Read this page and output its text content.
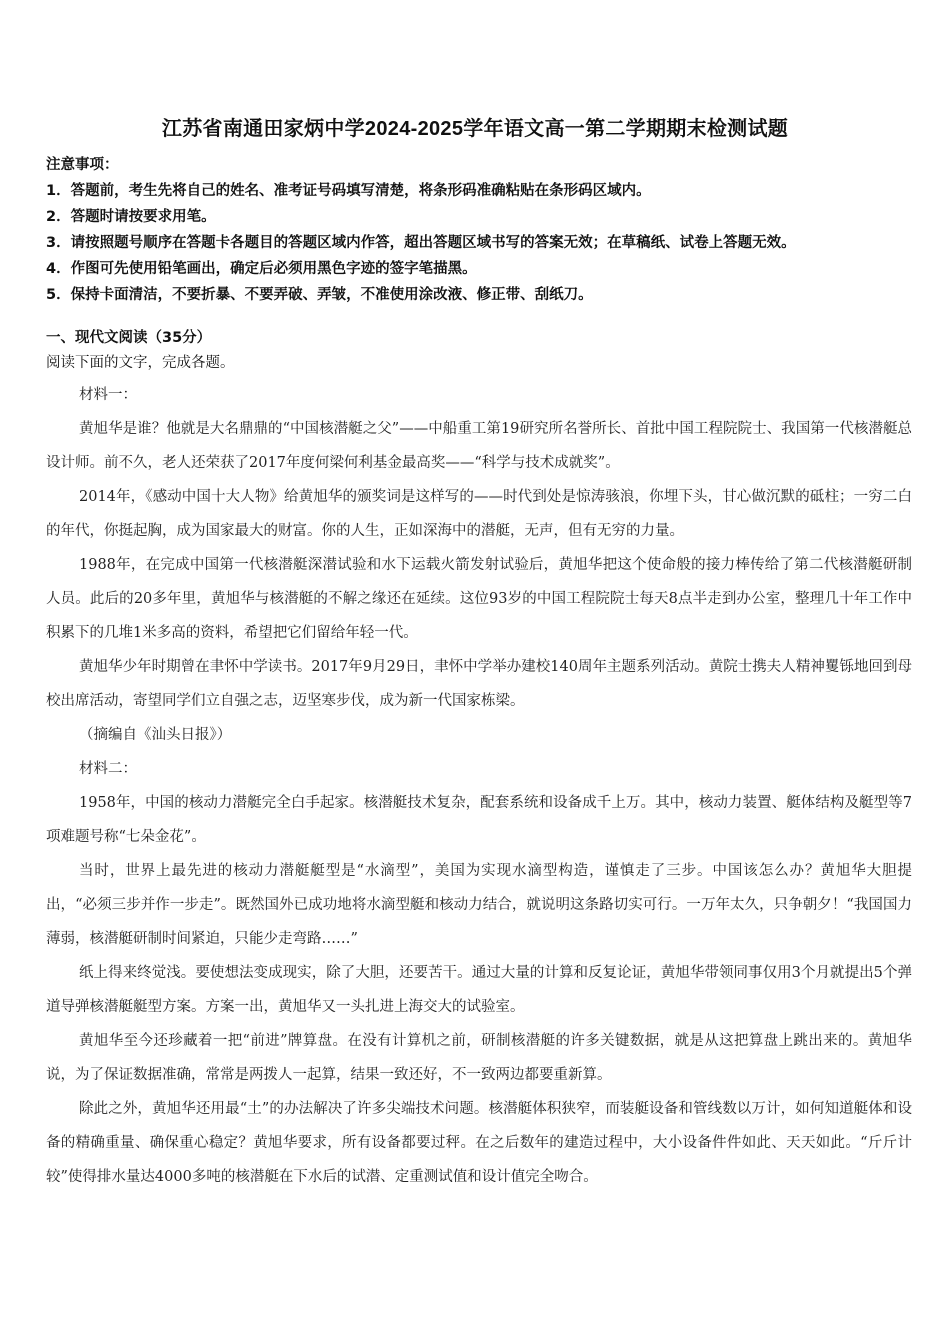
江苏省南通田家炳中学2024-2025学年语文高一第二学期期末检测试题
注意事项：
1．答题前，考生先将自己的姓名、准考证号码填写清楚，将条形码准确粘贴在条形码区域内。
2．答题时请按要求用笔。
3．请按照题号顺序在答题卡各题目的答题区域内作答，超出答题区域书写的答案无效；在草稿纸、试卷上答题无效。
4．作图可先使用铅笔画出，确定后必须用黑色字迹的签字笔描黑。
5．保持卡面清洁，不要折暴、不要弄破、弄皱，不准使用涂改液、修正带、刮纸刀。
一、现代文阅读（35分）
阅读下面的文字，完成各题。

材料一：

黄旭华是谁？他就是大名鼎鼎的“中国核潜艇之父”——中船重工第19研究所名誉所长、首批中国工程院院士、我国第一代核潜艇总设计师。前不久，老人还荣获了2017年度何梁何利基金最高奖——“科学与技术成就奖”。

2014年，《感动中国十大人物》给黄旭华的颁奖词是这样写的——时代到处是惊涛骇浪，你埋下头，甘心做沉默的砥柱；一穷二白的年代，你挺起胸，成为国家最大的财富。你的人生，正如深海中的潜艇，无声，但有无穷的力量。

1988年，在完成中国第一代核潜艇深潜试验和水下运载火箭发射试验后，黄旭华把这个使命般的接力棒传给了第二代核潜艇研制人员。此后的20多年里，黄旭华与核潜艇的不解之缘还在延续。这位93岁的中国工程院院士每天8点半走到办公室，整理几十年工作中积累下的几堆1米多高的资料，希望把它们留给年轻一代。

黄旭华少年时期曾在聿怀中学读书。2017年9月29日，聿怀中学举办建校140周年主题系列活动。黄院士携夫人精神矍铄地回到母校出席活动，寄望同学们立自强之志，迈坚寒步伐，成为新一代国家栋梁。

（摘编自《汕头日报》）

材料二：

1958年，中国的核动力潜艇完全白手起家。核潜艇技术复杂，配套系统和设备成千上万。其中，核动力装置、艇体结构及艇型等7项难题号称“七朵金花”。

当时，世界上最先进的核动力潜艇艇型是“水滴型”，美国为实现水滴型构造，谨慎走了三步。中国该怎么办？黄旭华大胆提出，“必须三步并作一步走”。既然国外已成功地将水滴型艇和核动力结合，就说明这条路切实可行。一万年太久，只争朝夕！“我国国力薄弱，核潜艇研制时间紧迫，只能少走弯路……”

纸上得来终觉浅。要使想法变成现实，除了大胆，还要苦干。通过大量的计算和反复论证，黄旭华带领同事仅用3个月就提出5个弹道导弹核潜艇艇型方案。方案一出，黄旭华又一头扎进上海交大的试验室。

黄旭华至今还珍藏着一把“前进”牌算盘。在没有计算机之前，研制核潜艇的许多关键数据，就是从这把算盘上跳出来的。黄旭华说，为了保证数据准确，常常是两拨人一起算，结果一致还好，不一致两边都要重新算。

除此之外，黄旭华还用最“土”的办法解决了许多尖端技术问题。核潜艇体积狭窄，而装艇设备和管线数以万计，如何知道艇体和设备的精确重量、确保重心稳定？黄旭华要求，所有设备都要过秤。在之后数年的建造过程中，大小设备件件如此、天天如此。“斤斤计较”使得排水量达4000多吨的核潜艇在下水后的试潜、定重测试值和设计值完全吻合。
